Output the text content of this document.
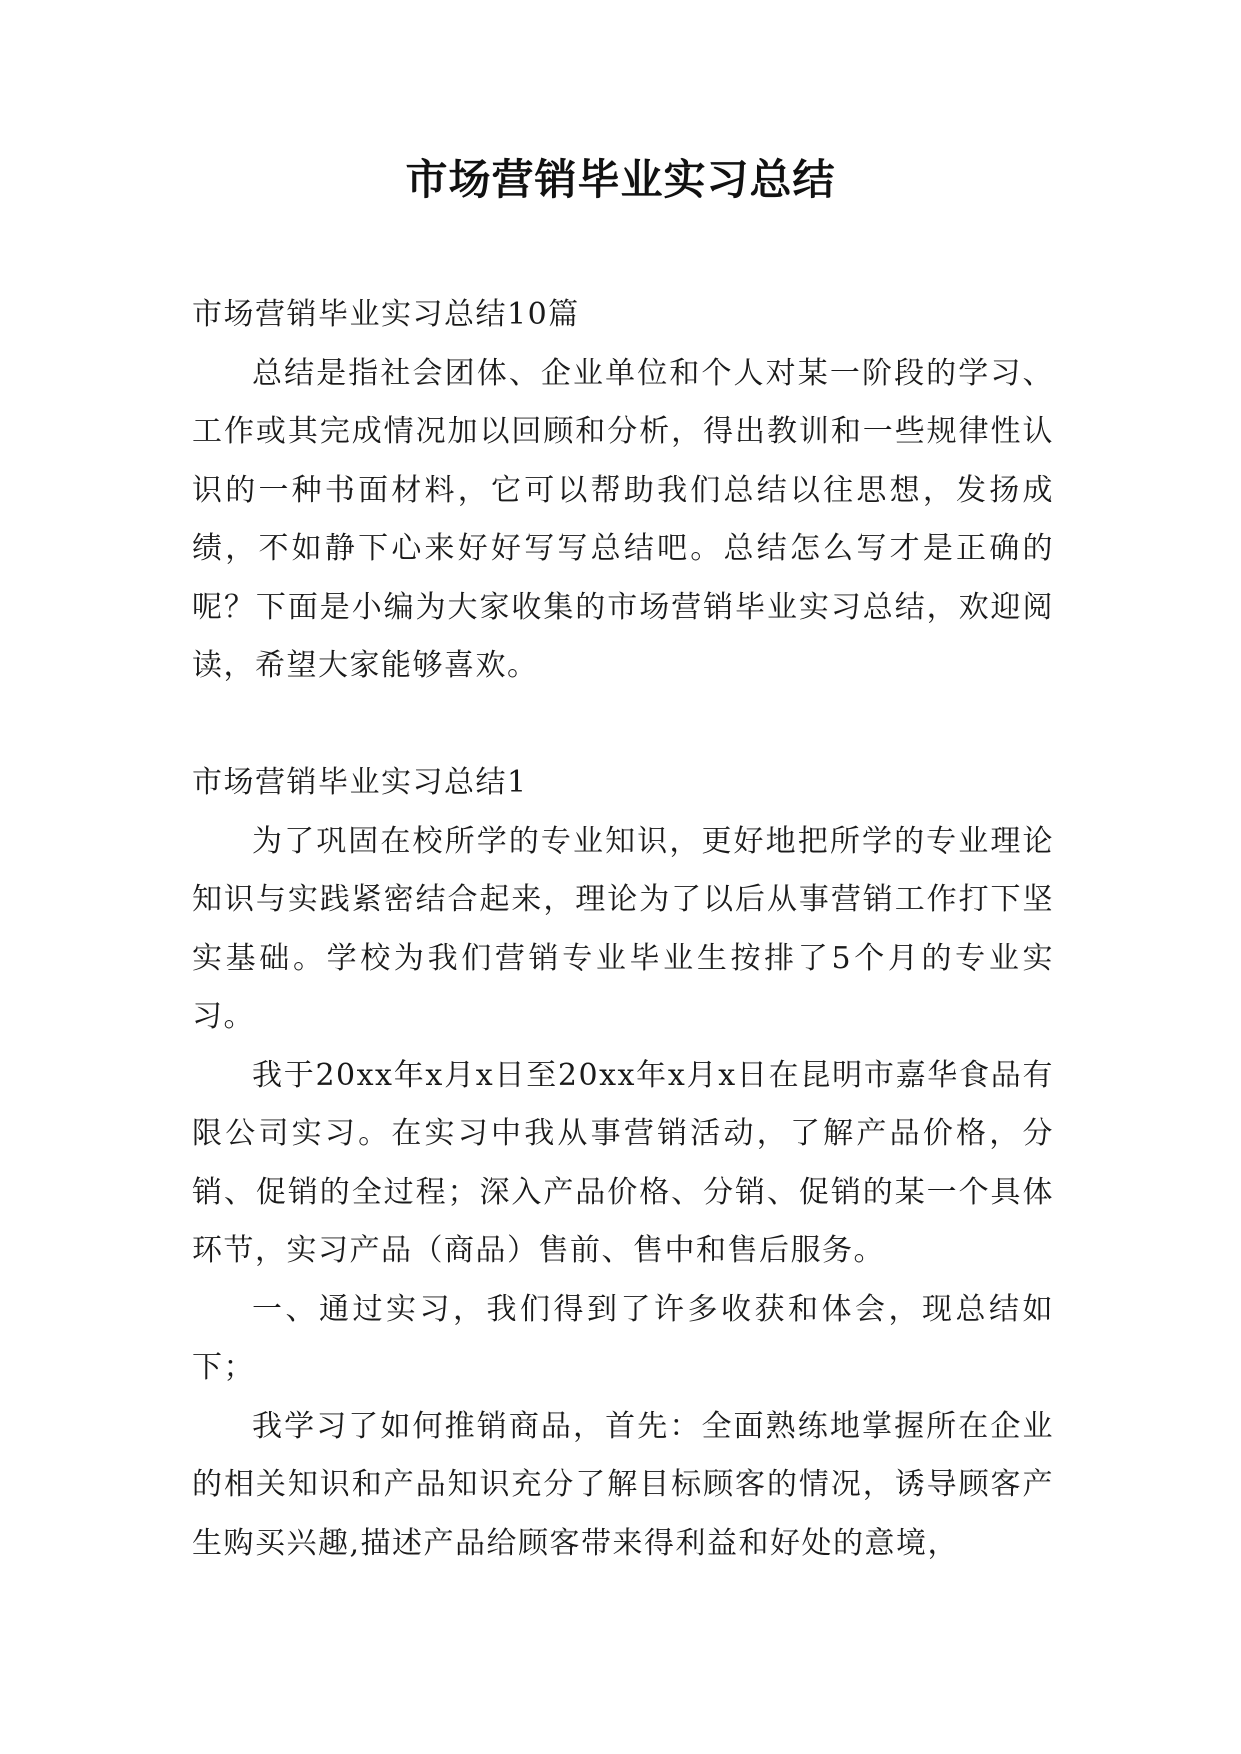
市场营销毕业实习总结

市场营销毕业实习总结10篇

总结是指社会团体、企业单位和个人对某一阶段的学习、工作或其完成情况加以回顾和分析，得出教训和一些规律性认识的一种书面材料，它可以帮助我们总结以往思想，发扬成绩，不如静下心来好好写写总结吧。总结怎么写才是正确的呢？下面是小编为大家收集的市场营销毕业实习总结，欢迎阅读，希望大家能够喜欢。

市场营销毕业实习总结1

为了巩固在校所学的专业知识，更好地把所学的专业理论知识与实践紧密结合起来，理论为了以后从事营销工作打下坚实基础。学校为我们营销专业毕业生按排了5个月的专业实习。

我于20xx年x月x日至20xx年x月x日在昆明市嘉华食品有限公司实习。在实习中我从事营销活动，了解产品价格，分销、促销的全过程；深入产品价格、分销、促销的某一个具体环节，实习产品（商品）售前、售中和售后服务。

一、通过实习，我们得到了许多收获和体会，现总结如下；

我学习了如何推销商品，首先：全面熟练地掌握所在企业的相关知识和产品知识充分了解目标顾客的情况，诱导顾客产生购买兴趣,描述产品给顾客带来得利益和好处的意境，
